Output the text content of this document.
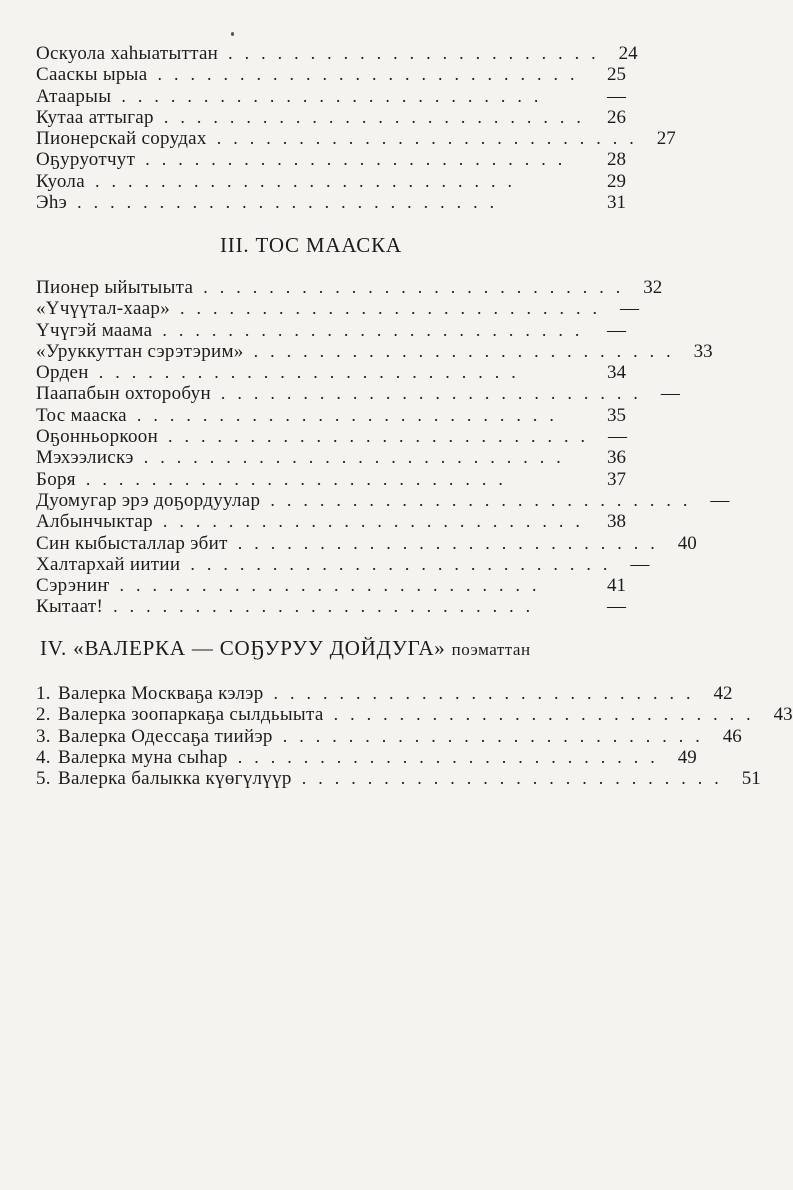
Оскуола хаһыатыттан ....................... 24
Сааскы ырыа ..........................	25
Атаарыы ..........................	—
Кутаа аттыгар .......................... 26
Пионерскай сорудах .......................... 27
Оҕуруотчут ..........................	28
Куола ..........................	29
Эһэ ..........................	31
III. ТОС МААСКА
Пионер ыйытыыта .......................... 32
«Үчүүтал-хаар» .......................... —
Үчүгэй маама .......................... —
«Уруккуттан сэрэтэрим» .......................... 33
Орден ..........................	34
Паапабын охторобун .......................... —
Тос мааска ..........................	35
Оҕонньоркоон .......................... —
Мэхээлискэ ..........................	36
Боря ..........................	37
Дуомугар эрэ доҕордуулар .......................... —
Албынчыктар .......................... 38
Син кыбысталлар эбит .......................... 40
Халтархай иитии .......................... —
Сэрэниҥ ..........................	41
Кытаат! ..........................	—
IV. «ВАЛЕРКА — СОҔУРУУ ДОЙДУГА» поэматтан
1. Валерка Москваҕа кэлэр .......................... 42
2. Валерка зоопаркаҕа сылдьыыта .......................... 43
3. Валерка Одессаҕа тиийэр .......................... 46
4. Валерка муна сыһар .......................... 49
5. Валерка балыкка күөгүлүүр .......................... 51
